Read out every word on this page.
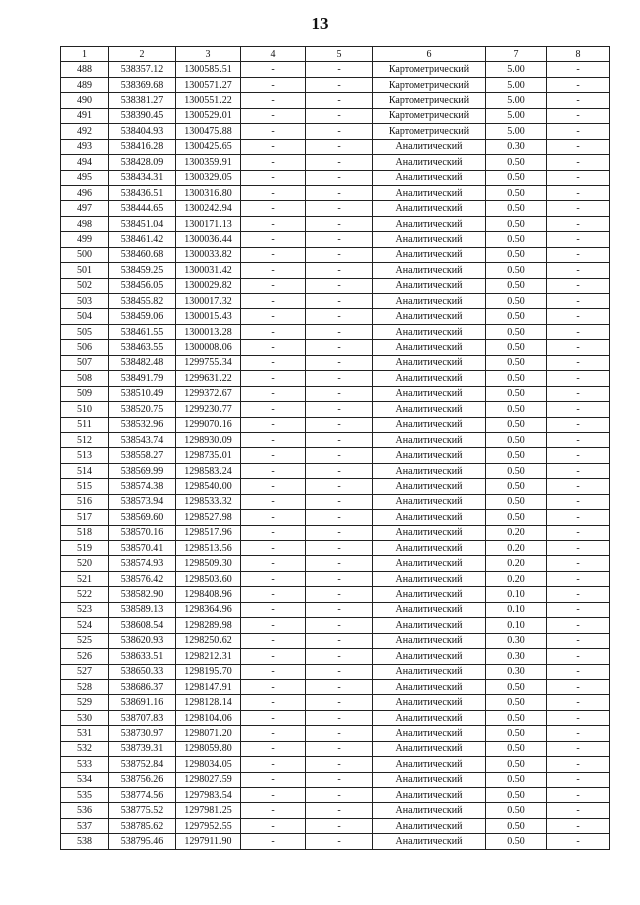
13
1	2	3	4	5	6	7	8
488	538357.12	1300585.51	-	-	Картометрический	5.00	-
489	538369.68	1300571.27	-	-	Картометрический	5.00	-
490	538381.27	1300551.22	-	-	Картометрический	5.00	-
491	538390.45	1300529.01	-	-	Картометрический	5.00	-
492	538404.93	1300475.88	-	-	Картометрический	5.00	-
493	538416.28	1300425.65	-	-	Аналитический	0.30	-
494	538428.09	1300359.91	-	-	Аналитический	0.50	-
495	538434.31	1300329.05	-	-	Аналитический	0.50	-
496	538436.51	1300316.80	-	-	Аналитический	0.50	-
497	538444.65	1300242.94	-	-	Аналитический	0.50	-
498	538451.04	1300171.13	-	-	Аналитический	0.50	-
499	538461.42	1300036.44	-	-	Аналитический	0.50	-
500	538460.68	1300033.82	-	-	Аналитический	0.50	-
501	538459.25	1300031.42	-	-	Аналитический	0.50	-
502	538456.05	1300029.82	-	-	Аналитический	0.50	-
503	538455.82	1300017.32	-	-	Аналитический	0.50	-
504	538459.06	1300015.43	-	-	Аналитический	0.50	-
505	538461.55	1300013.28	-	-	Аналитический	0.50	-
506	538463.55	1300008.06	-	-	Аналитический	0.50	-
507	538482.48	1299755.34	-	-	Аналитический	0.50	-
508	538491.79	1299631.22	-	-	Аналитический	0.50	-
509	538510.49	1299372.67	-	-	Аналитический	0.50	-
510	538520.75	1299230.77	-	-	Аналитический	0.50	-
511	538532.96	1299070.16	-	-	Аналитический	0.50	-
512	538543.74	1298930.09	-	-	Аналитический	0.50	-
513	538558.27	1298735.01	-	-	Аналитический	0.50	-
514	538569.99	1298583.24	-	-	Аналитический	0.50	-
515	538574.38	1298540.00	-	-	Аналитический	0.50	-
516	538573.94	1298533.32	-	-	Аналитический	0.50	-
517	538569.60	1298527.98	-	-	Аналитический	0.50	-
518	538570.16	1298517.96	-	-	Аналитический	0.20	-
519	538570.41	1298513.56	-	-	Аналитический	0.20	-
520	538574.93	1298509.30	-	-	Аналитический	0.20	-
521	538576.42	1298503.60	-	-	Аналитический	0.20	-
522	538582.90	1298408.96	-	-	Аналитический	0.10	-
523	538589.13	1298364.96	-	-	Аналитический	0.10	-
524	538608.54	1298289.98	-	-	Аналитический	0.10	-
525	538620.93	1298250.62	-	-	Аналитический	0.30	-
526	538633.51	1298212.31	-	-	Аналитический	0.30	-
527	538650.33	1298195.70	-	-	Аналитический	0.30	-
528	538686.37	1298147.91	-	-	Аналитический	0.50	-
529	538691.16	1298128.14	-	-	Аналитический	0.50	-
530	538707.83	1298104.06	-	-	Аналитический	0.50	-
531	538730.97	1298071.20	-	-	Аналитический	0.50	-
532	538739.31	1298059.80	-	-	Аналитический	0.50	-
533	538752.84	1298034.05	-	-	Аналитический	0.50	-
534	538756.26	1298027.59	-	-	Аналитический	0.50	-
535	538774.56	1297983.54	-	-	Аналитический	0.50	-
536	538775.52	1297981.25	-	-	Аналитический	0.50	-
537	538785.62	1297952.55	-	-	Аналитический	0.50	-
538	538795.46	1297911.90	-	-	Аналитический	0.50	-
